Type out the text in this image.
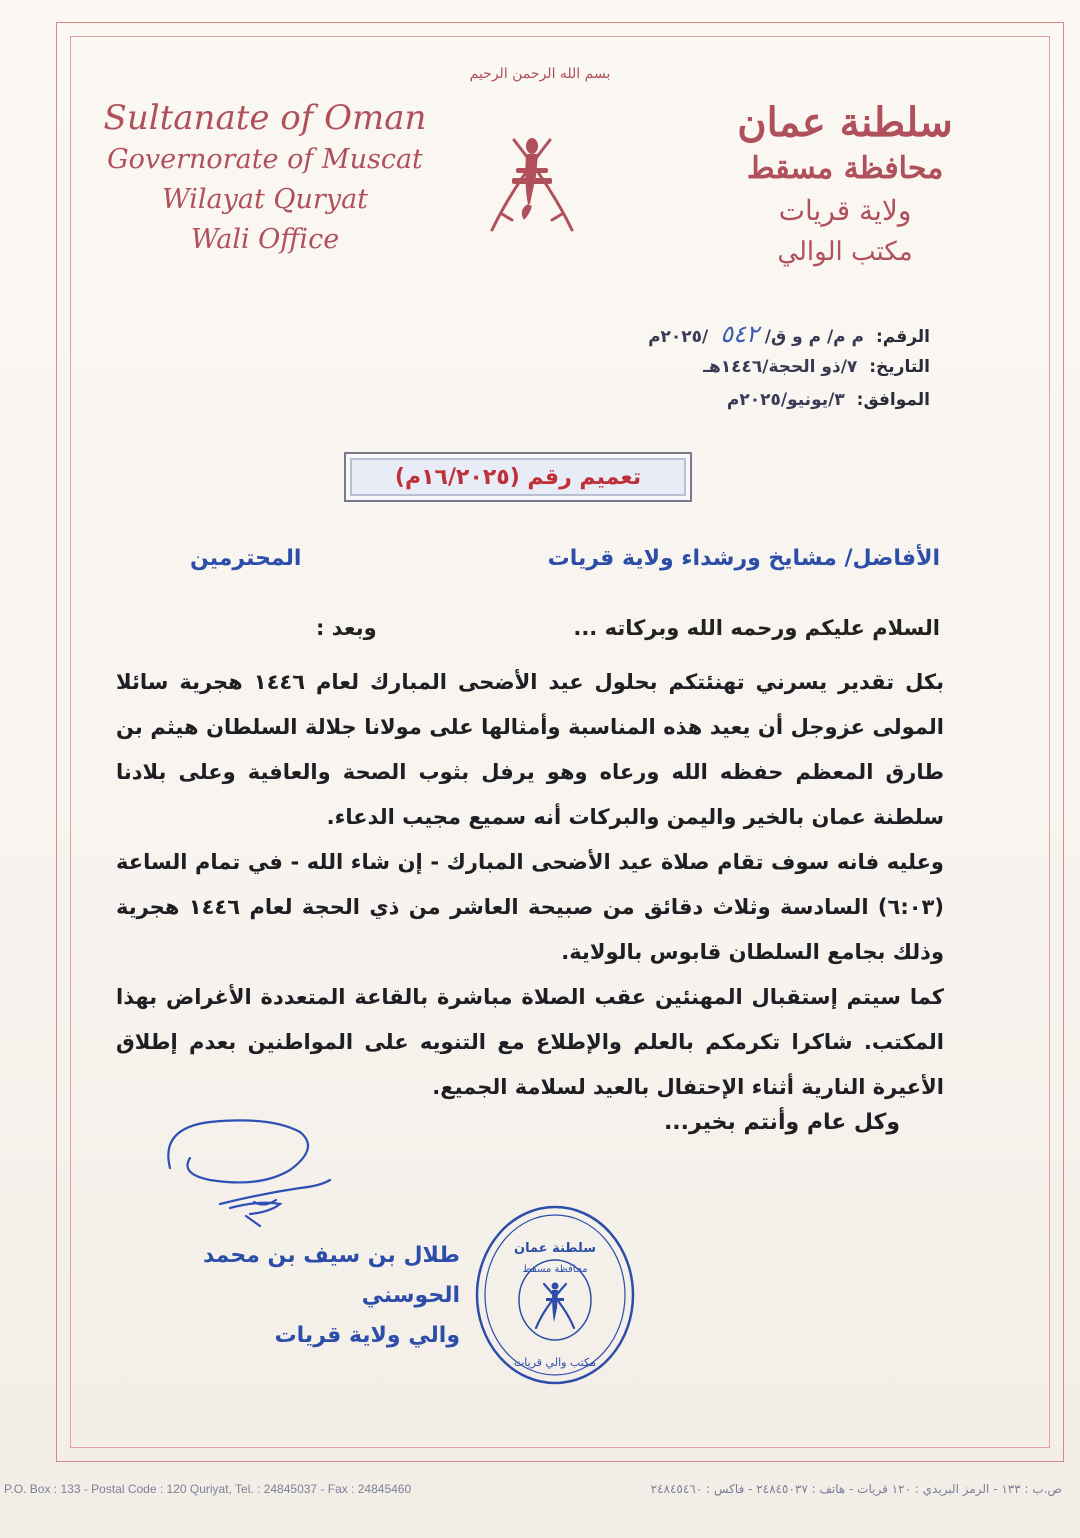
بسم الله الرحمن الرحيم
Sultanate of Oman
Governorate of Muscat
Wilayat Quryat
Wali Office
سلطنة عمان
محافظة مسقط
ولاية قريات
مكتب الوالي
الرقم: م م/ م و ق/ ٥٤٢ /٢٠٢٥م
التاريخ: ٧/ذو الحجة/١٤٤٦هـ
الموافق: ٣/يونيو/٢٠٢٥م
تعميم رقم (١٦/٢٠٢٥م)
الأفاضل/ مشايخ ورشداء ولاية قريات
المحترمين
السلام عليكم ورحمه الله وبركاته ...
وبعد :

بكل تقدير يسرني تهنئتكم بحلول عيد الأضحى المبارك لعام ١٤٤٦ هجرية سائلا المولى عزوجل أن يعيد هذه المناسبة وأمثالها على مولانا جلالة السلطان هيثم بن طارق المعظم حفظه الله ورعاه وهو يرفل بثوب الصحة والعافية وعلى بلادنا سلطنة عمان بالخير واليمن والبركات أنه سميع مجيب الدعاء.

وعليه فانه سوف تقام صلاة عيد الأضحى المبارك - إن شاء الله - في تمام الساعة (٦:٠٣) السادسة وثلاث دقائق من صبيحة العاشر من ذي الحجة لعام ١٤٤٦ هجرية وذلك بجامع السلطان قابوس بالولاية.

كما سيتم إستقبال المهنئين عقب الصلاة مباشرة بالقاعة المتعددة الأغراض بهذا المكتب. شاكرا تكرمكم بالعلم والإطلاع مع التنويه على المواطنين بعدم إطلاق الأعيرة النارية أثناء الإحتفال بالعيد لسلامة الجميع.

وكل عام وأنتم بخير...
طلال بن سيف بن محمد الحوسني
والي ولاية قريات
سلطنة عمان
محافظة مسقط
مكتب والي قريات
P.O. Box : 133 - Postal Code : 120 Quriyat, Tel. : 24845037 - Fax : 24845460	ص.ب : ١٣٣ - الرمز البريدي : ١٢٠ قريات - هاتف : ٢٤٨٤٥٠٣٧ - فاكس : ٢٤٨٤٥٤٦٠
